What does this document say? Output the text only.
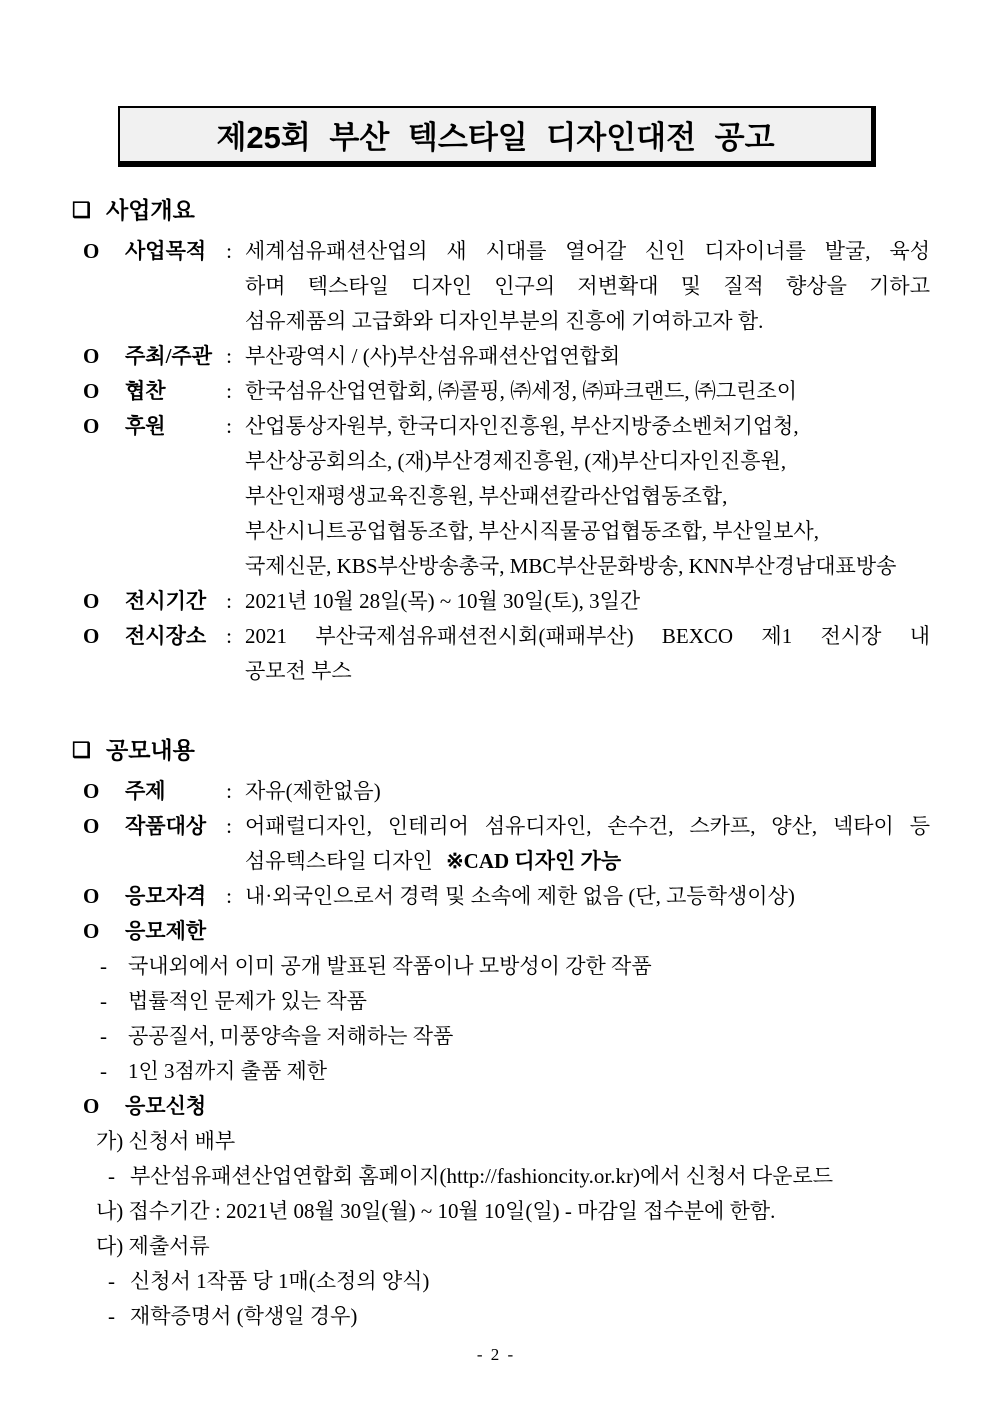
제25회 부산 텍스타일 디자인대전 공고
❑ 사업개요
O	사업목적 : 세계섬유패션산업의 새 시대를 열어갈 신인 디자이너를 발굴, 육성
하며 텍스타일 디자인 인구의 저변확대 및 질적 향상을 기하고
섬유제품의 고급화와 디자인부분의 진흥에 기여하고자 함.
O	주최/주관 : 부산광역시 / (사)부산섬유패션산업연합회
O	협찬	: 한국섬유산업연합회, ㈜콜핑, ㈜세정, ㈜파크랜드, ㈜그린조이
O	후원	: 산업통상자원부, 한국디자인진흥원, 부산지방중소벤처기업청,
부산상공회의소, (재)부산경제진흥원, (재)부산디자인진흥원,
부산인재평생교육진흥원, 부산패션칼라산업협동조합,
부산시니트공업협동조합, 부산시직물공업협동조합, 부산일보사,
국제신문, KBS부산방송총국, MBC부산문화방송, KNN부산경남대표방송
O	전시기간 : 2021년 10월 28일(목) ~ 10월 30일(토), 3일간
O	전시장소 : 2021 부산국제섬유패션전시회(패패부산) BEXCO 제1 전시장 내
공모전 부스
❑ 공모내용
O	주제	: 자유(제한없음)
O	작품대상 : 어패럴디자인, 인테리어 섬유디자인, 손수건, 스카프, 양산, 넥타이 등
섬유텍스타일 디자인 ※CAD 디자인 가능
O	응모자격 : 내·외국인으로서 경력 및 소속에 제한 없음 (단, 고등학생이상)
O	응모제한
-	국내외에서 이미 공개 발표된 작품이나 모방성이 강한 작품
-	법률적인 문제가 있는 작품
-	공공질서, 미풍양속을 저해하는 작품
-	1인 3점까지 출품 제한
O	응모신청
가) 신청서 배부
- 부산섬유패션산업연합회 홈페이지(http://fashioncity.or.kr)에서 신청서 다운로드
나) 접수기간 : 2021년 08월 30일(월) ~ 10월 10일(일) - 마감일 접수분에 한함.
다) 제출서류
- 신청서 1작품 당 1매(소정의 양식)
- 재학증명서 (학생일 경우)
- 2 -
